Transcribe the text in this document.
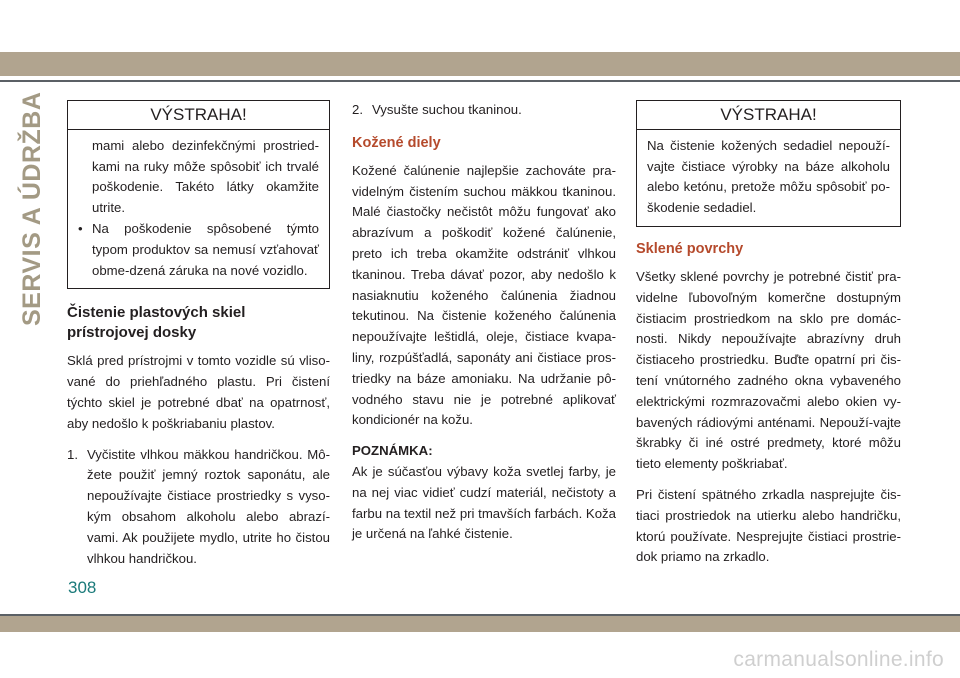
SERVIS A ÚDRŽBA	VÝSTRAHA!

mami alebo dezinfekčnými prostried-kami na ruky môže spôsobiť ich trvalé poškodenie. Takéto látky okamžite utrite.

• Na poškodenie spôsobené týmto typom produktov sa nemusí vzťahovať obme-dzená záruka na nové vozidlo.
Čistenie plastových skiel prístrojovej dosky

Sklá pred prístrojmi v tomto vozidle sú vliso-vané do priehľadného plastu. Pri čistení týchto skiel je potrebné dbať na opatrnosť, aby nedošlo k poškriabaniu plastov.

1. Vyčistite vlhkou mäkkou handričkou. Mô-žete použiť jemný roztok saponátu, ale nepoužívajte čistiace prostriedky s vyso-kým obsahom alkoholu alebo abrazí-vami. Ak použijete mydlo, utrite ho čistou vlhkou handričkou.
2. Vysušte suchou tkaninou.
Kožené diely

Kožené čalúnenie najlepšie zachováte pra-videlným čistením suchou mäkkou tkaninou. Malé čiastočky nečistôt môžu fungovať ako abrazívum a poškodiť kožené čalúnenie, preto ich treba okamžite odstrániť vlhkou tkaninou. Treba dávať pozor, aby nedošlo k nasiaknutiu koženého čalúnenia žiadnou tekutinou. Na čistenie koženého čalúnenia nepoužívajte leštidlá, oleje, čistiace kvapa-liny, rozpúšťadlá, saponáty ani čistiace pros-triedky na báze amoniaku. Na udržanie pô-vodného stavu nie je potrebné aplikovať kondicionér na kožu.

POZNÁMKA:

Ak je súčasťou výbavy koža svetlej farby, je na nej viac vidieť cudzí materiál, nečistoty a farbu na textil než pri tmavších farbách. Koža je určená na ľahké čistenie.

VÝSTRAHA!

Na čistenie kožených sedadiel nepouží-vajte čistiace výrobky na báze alkoholu alebo ketónu, pretože môžu spôsobiť po-škodenie sedadiel.

Sklené povrchy

Všetky sklené povrchy je potrebné čistiť pra-videlne ľubovoľným komerčne dostupným čistiacim prostriedkom na sklo pre domác-nosti. Nikdy nepoužívajte abrazívny druh čistiaceho prostriedku. Buďte opatrní pri čis-tení vnútorného zadného okna vybaveného elektrickými rozmrazovačmi alebo okien vy-bavených rádiovými anténami. Nepouží-vajte škrabky či iné ostré predmety, ktoré môžu tieto elementy poškriabať.

Pri čistení spätného zrkadla nasprejujte čis-tiaci prostriedok na utierku alebo handričku, ktorú používate. Nesprejujte čistiaci prostrie-dok priamo na zrkadlo.

308
carmanualsonline.info
